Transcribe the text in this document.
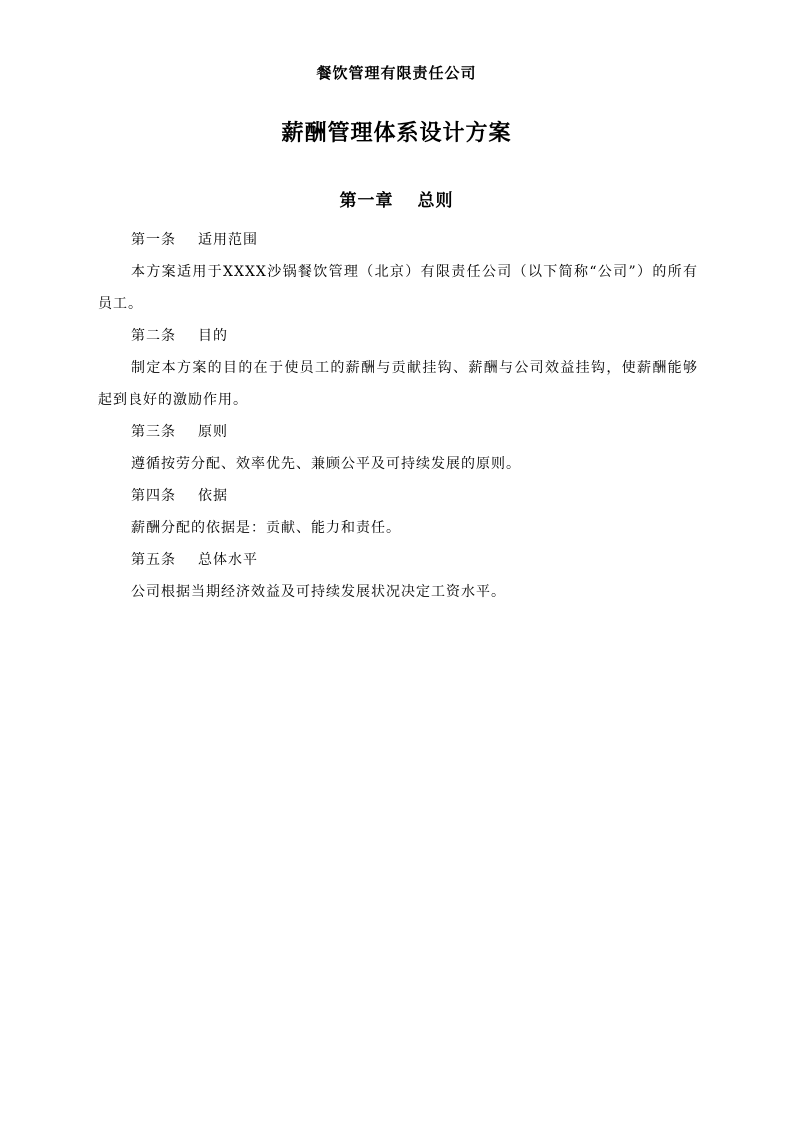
餐饮管理有限责任公司
薪酬管理体系设计方案
第一章 总则

第一条 适用范围

本方案适用于XXXX沙锅餐饮管理（北京）有限责任公司（以下简称“公司”）的所有员工。

第二条 目的

制定本方案的目的在于使员工的薪酬与贡献挂钩、薪酬与公司效益挂钩，使薪酬能够起到良好的激励作用。

第三条 原则

遵循按劳分配、效率优先、兼顾公平及可持续发展的原则。

第四条 依据

薪酬分配的依据是：贡献、能力和责任。

第五条 总体水平

公司根据当期经济效益及可持续发展状况决定工资水平。
